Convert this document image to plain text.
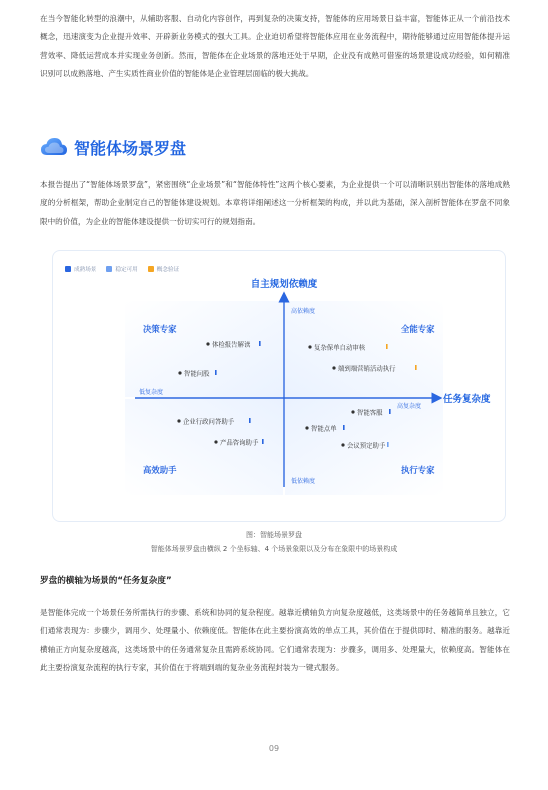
在当今智能化转型的浪潮中，从辅助客服、自动化内容创作，再到复杂的决策支持，智能体的应用场景日益丰富，智能体正从一个前沿技术概念，迅速演变为企业提升效率、开辟新业务模式的强大工具。企业迫切希望将智能体应用在业务流程中，期待能够通过应用智能体提升运营效率、降低运营成本并实现业务创新。然而，智能体在企业场景的落地还处于早期，企业没有成熟可借鉴的场景建设成功经验，如何精准识别可以成熟落地、产生实质性商业价值的智能体是企业管理层面临的极大挑战。
智能体场景罗盘
本报告提出了“智能体场景罗盘”，紧密围绕“企业场景”和“智能体特性”这两个核心要素，为企业提供一个可以清晰识别出智能体的落地成熟度的分析框架，帮助企业制定自己的智能体建设规划。本章将详细阐述这一分析框架的构成，并以此为基础，深入剖析智能体在罗盘不同象限中的价值，为企业的智能体建设提供一份切实可行的规划指南。
成熟场景	稳定可用	概念验证
自主规划依赖度
任务复杂度
高依赖度
低依赖度
低复杂度
高复杂度
决策专家	全能专家
高效助手	执行专家
体检报告解读
智能问股
复杂保单自动审核
端到端营销活动执行
企业行政问答助手
产品咨询助手
智能客服
智能点单
会议预定助手
图：智能场景罗盘
智能体场景罗盘由横纵 2 个坐标轴、4 个场景象限以及分布在象限中的场景构成
罗盘的横轴为场景的“任务复杂度”
是智能体完成一个场景任务所需执行的步骤、系统和协同的复杂程度。越靠近横轴负方向复杂度越低，这类场景中的任务越简单且独立，它们通常表现为：步骤少，调用少、处理量小、依赖度低。智能体在此主要扮演高效的单点工具，其价值在于提供即时、精准的服务。越靠近横轴正方向复杂度越高，这类场景中的任务通常复杂且需跨系统协同。它们通常表现为：步骤多，调用多、处理量大，依赖度高。智能体在此主要扮演复杂流程的执行专家，其价值在于将端到端的复杂业务流程封装为一键式服务。
09
